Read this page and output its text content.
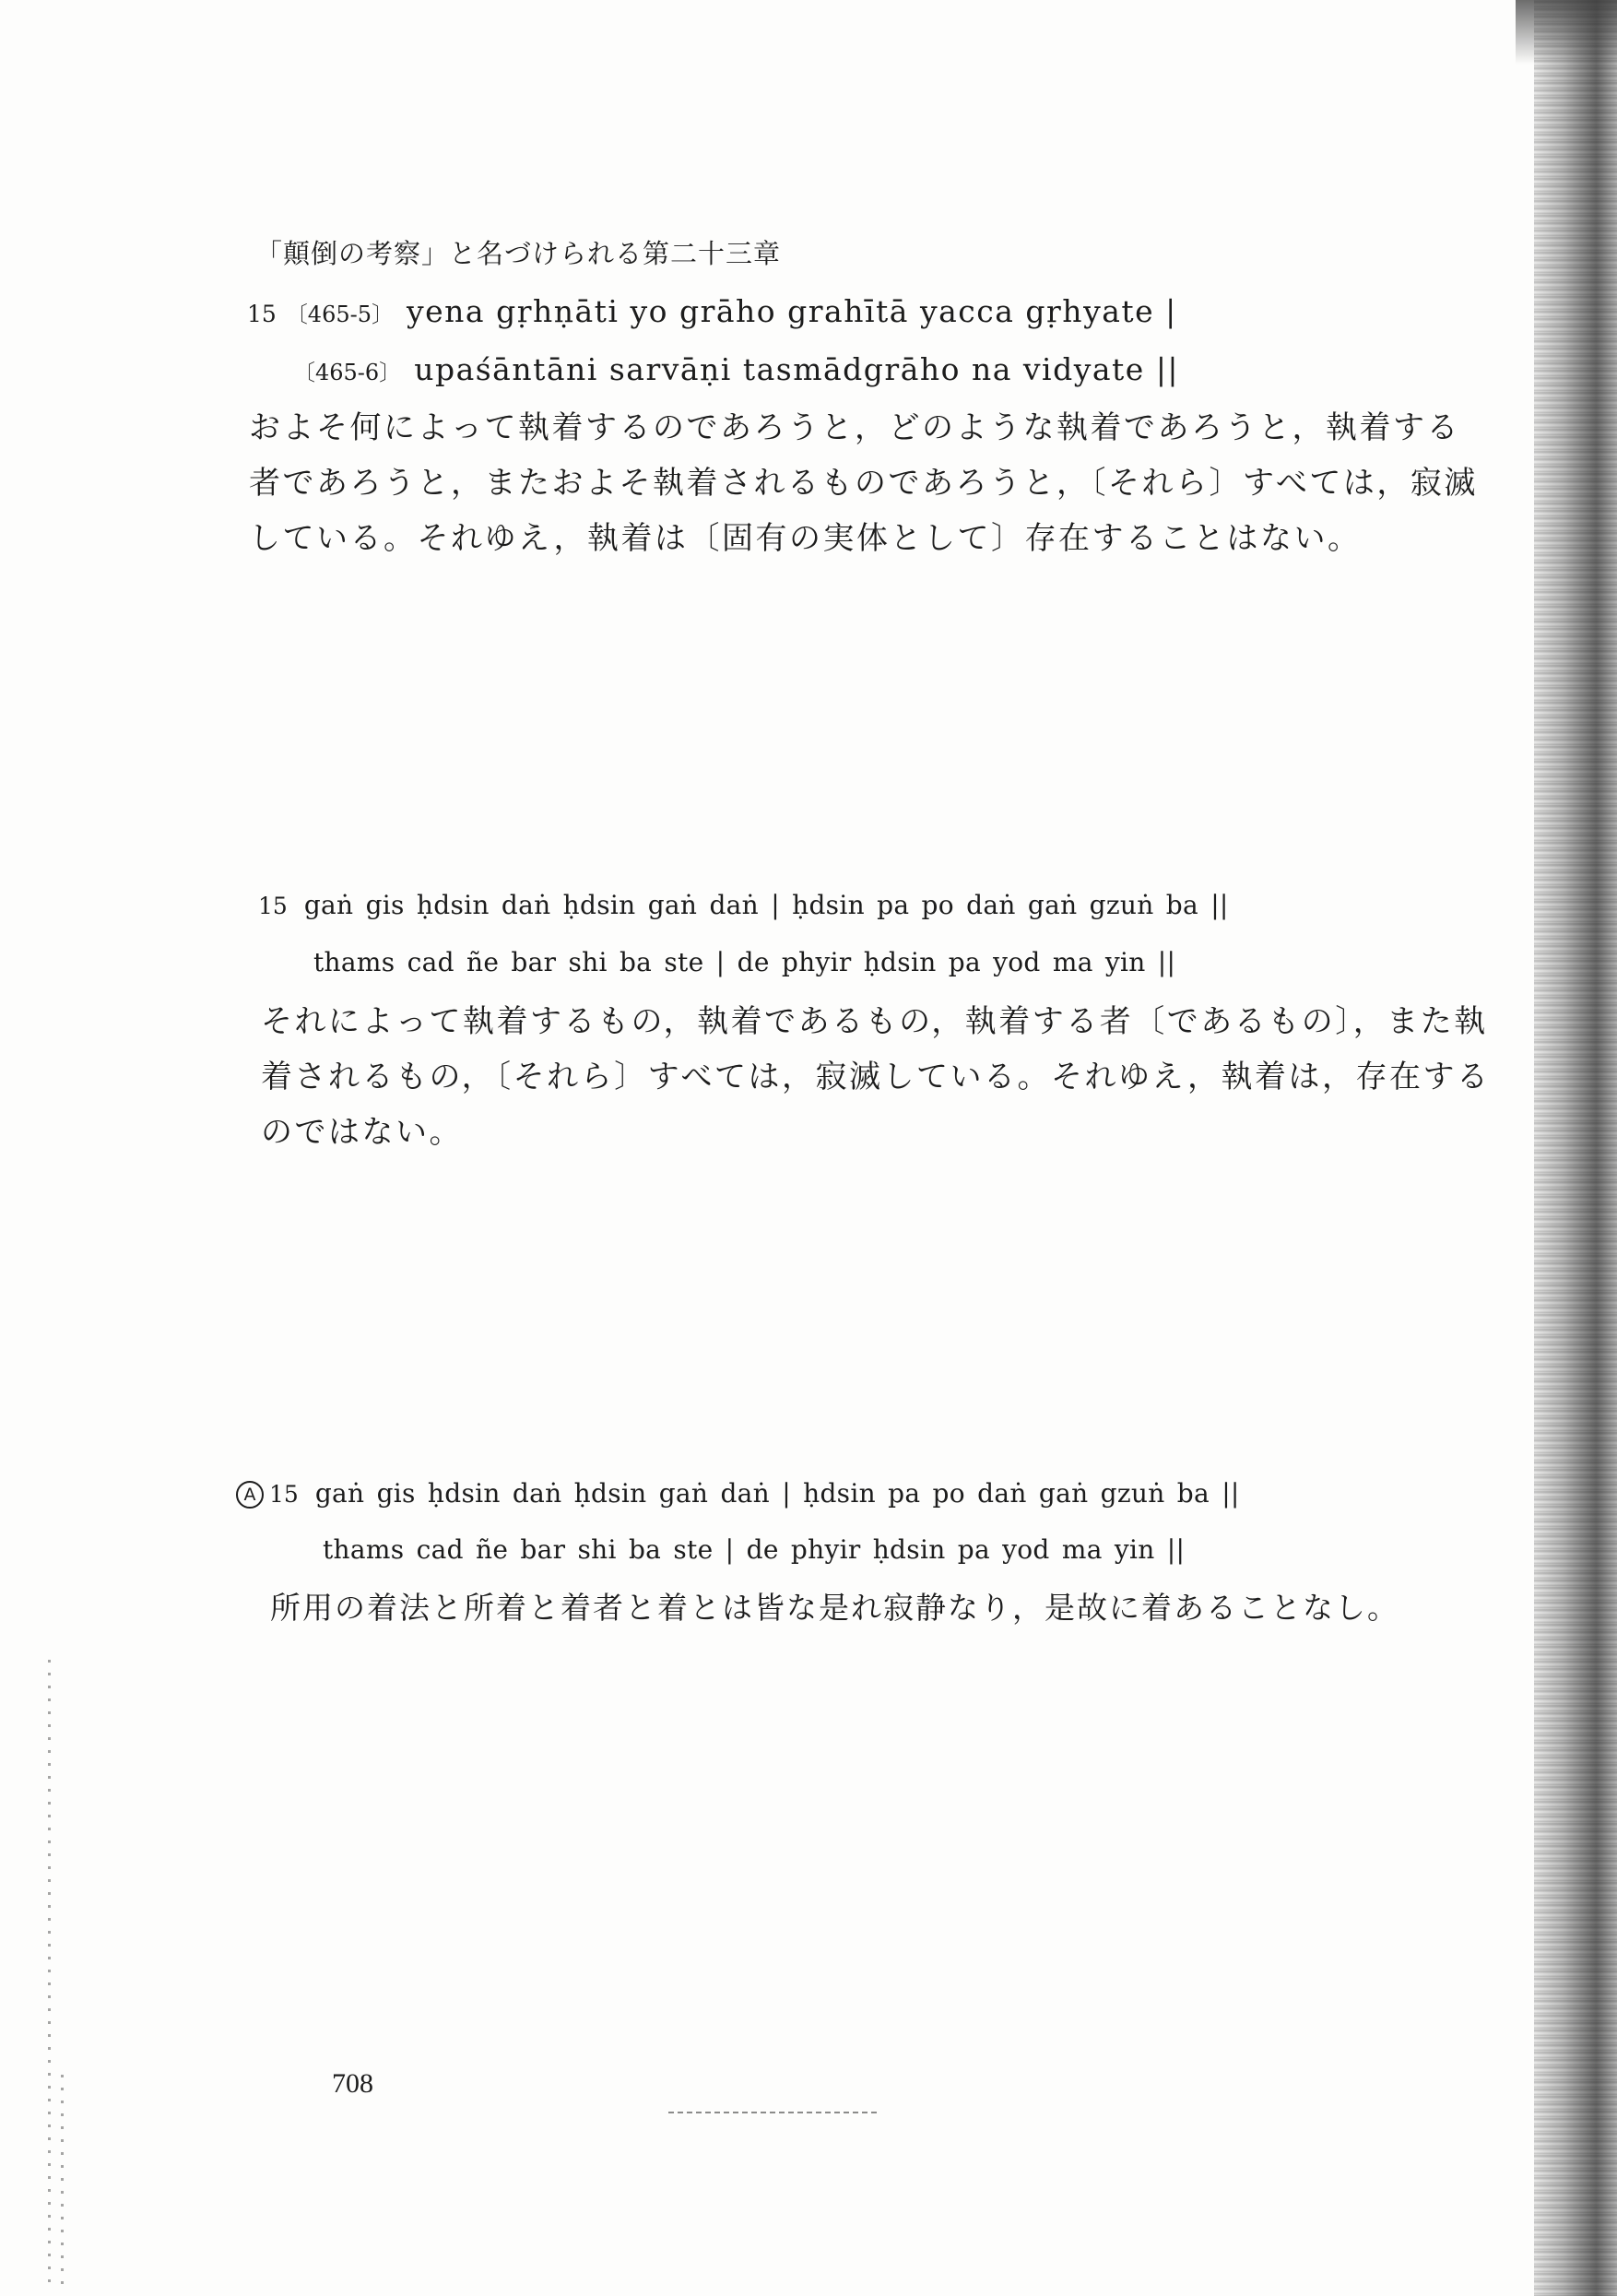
「顛倒の考察」と名づけられる第二十三章
15 〔465-5〕 yena gṛhṇāti yo grāho grahītā yacca gṛhyate |
〔465-6〕 upaśāntāni sarvāṇi tasmādgrāho na vidyate ||
およそ何によって執着するのであろうと，どのような執着であろうと，執着する
者であろうと，またおよそ執着されるものであろうと，〔それら〕すべては，寂滅
している。それゆえ，執着は〔固有の実体として〕存在することはない。
15 gaṅ gis ḥdsin daṅ ḥdsin gaṅ daṅ | ḥdsin pa po daṅ gaṅ gzuṅ ba ||
thams cad ñe bar shi ba ste | de phyir ḥdsin pa yod ma yin ||
それによって執着するもの，執着であるもの，執着する者〔であるもの〕，また執
着されるもの，〔それら〕すべては，寂滅している。それゆえ，執着は，存在する
のではない。
A 15 gaṅ gis ḥdsin daṅ ḥdsin gaṅ daṅ | ḥdsin pa po daṅ gaṅ gzuṅ ba ||
thams cad ñe bar shi ba ste | de phyir ḥdsin pa yod ma yin ||
所用の着法と所着と着者と着とは皆な是れ寂静なり，是故に着あることなし。
708
